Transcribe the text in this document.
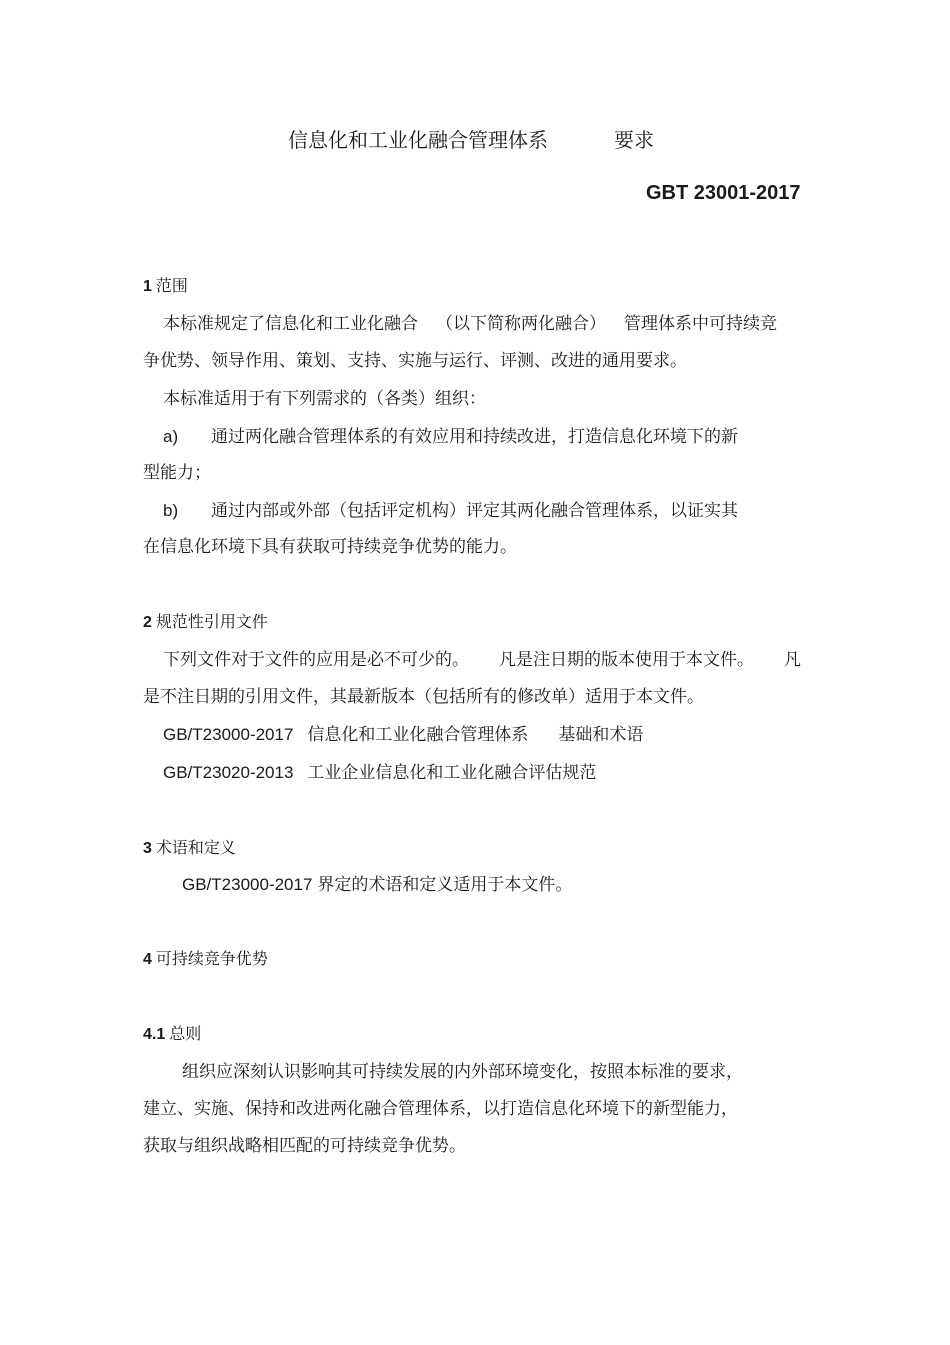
信息化和工业化融合管理体系	要求
GBT 23001-2017
1 范围
本标准规定了信息化和工业化融合 （以下简称两化融合） 管理体系中可持续竞
争优势、领导作用、策划、支持、实施与运行、评测、改进的通用要求。
本标准适用于有下列需求的（各类）组织：
a) 通过两化融合管理体系的有效应用和持续改进，打造信息化环境下的新
型能力；
b) 通过内部或外部（包括评定机构）评定其两化融合管理体系，以证实其
在信息化环境下具有获取可持续竞争优势的能力。
2 规范性引用文件
下列文件对于文件的应用是必不可少的。 凡是注日期的版本使用于本文件。 凡
是不注日期的引用文件，其最新版本（包括所有的修改单）适用于本文件。
GB/T23000-2017 信息化和工业化融合管理体系 基础和术语
GB/T23020-2013 工业企业信息化和工业化融合评估规范
3 术语和定义
GB/T23000-2017 界定的术语和定义适用于本文件。
4 可持续竞争优势
4.1 总则
组织应深刻认识影响其可持续发展的内外部环境变化，按照本标准的要求，
建立、实施、保持和改进两化融合管理体系，以打造信息化环境下的新型能力，
获取与组织战略相匹配的可持续竞争优势。
